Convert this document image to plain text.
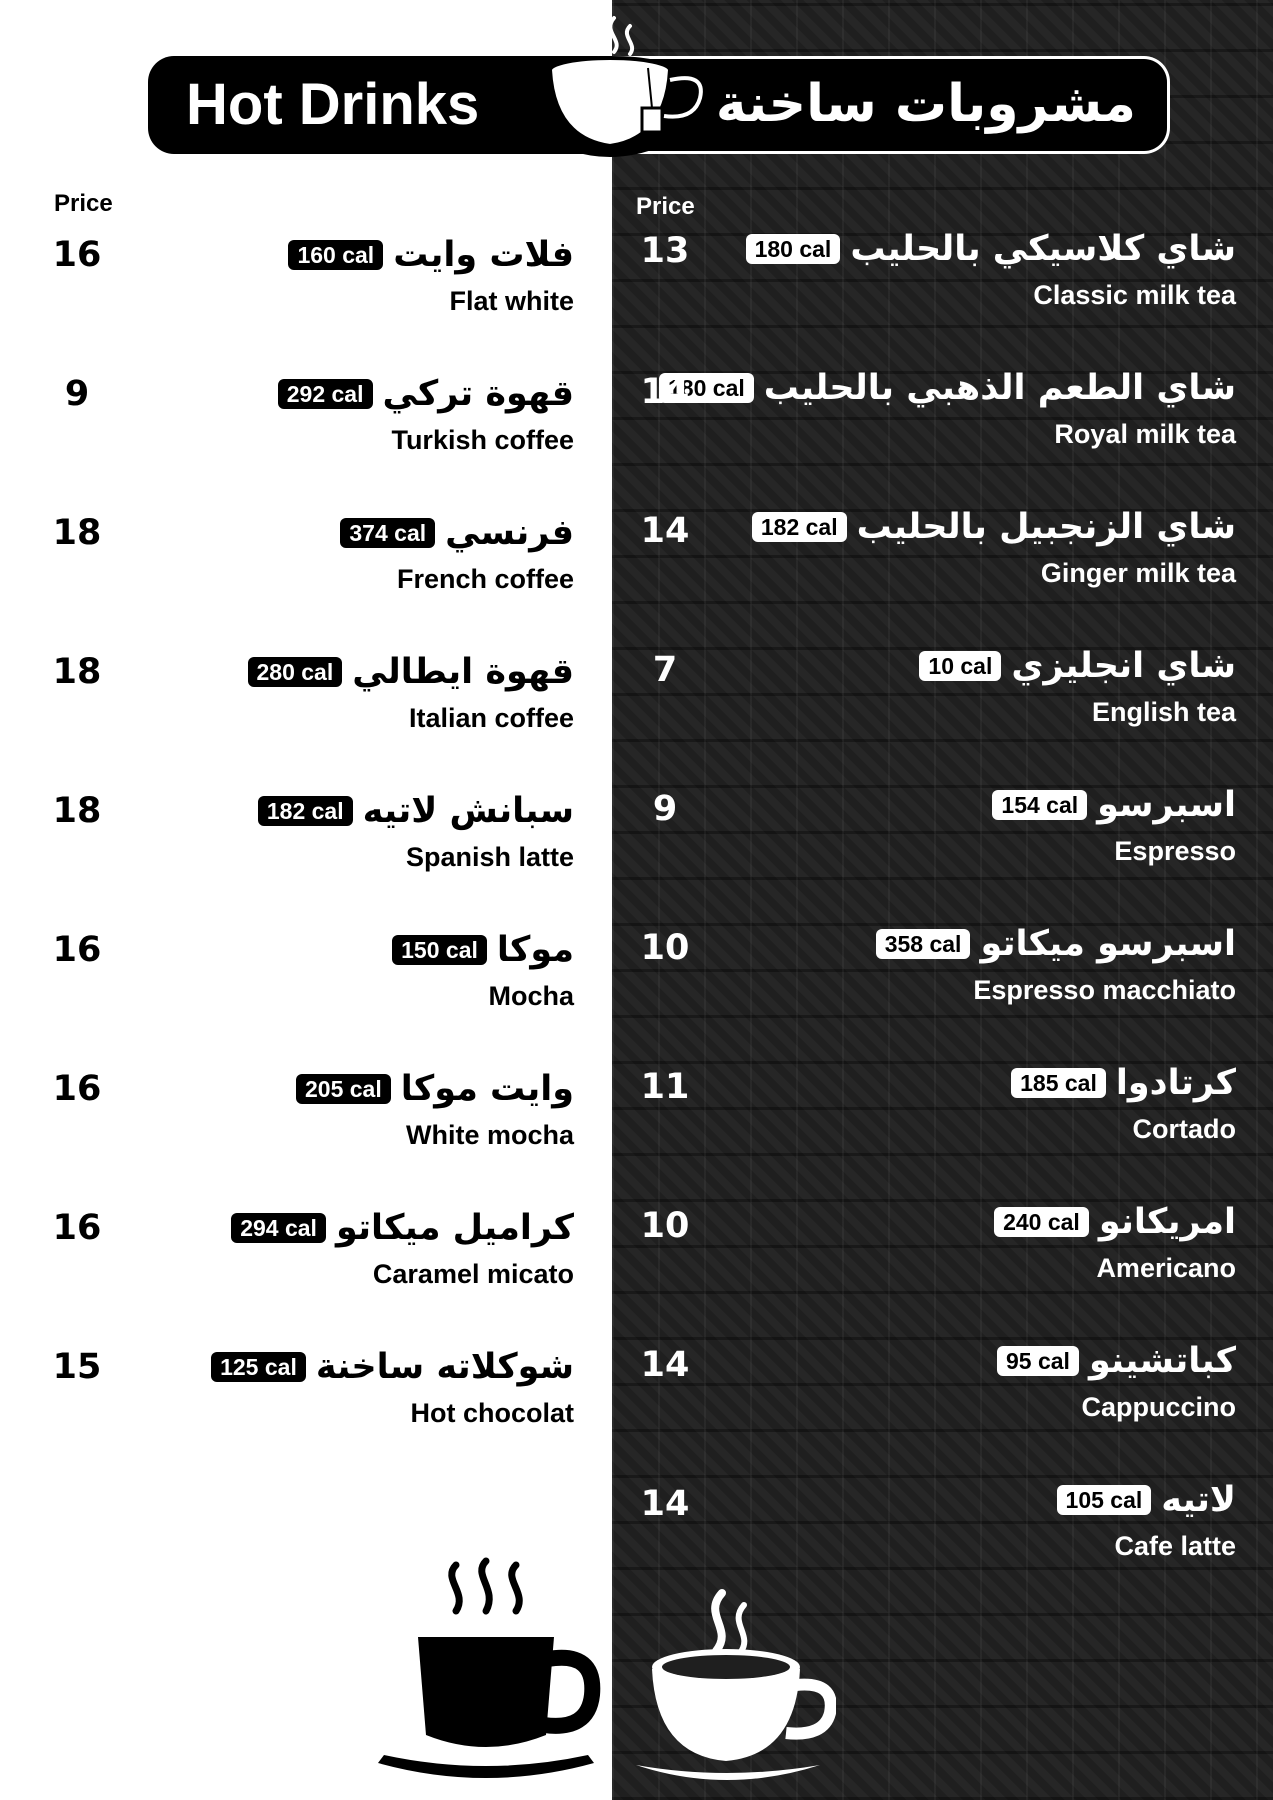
Hot Drinks	مشروبات ساخنة
Price	Price
فلات وايت
160 cal
Flat white
16
قهوة تركي
292 cal
Turkish coffee
9
فرنسي
374 cal
French coffee
18
قهوة ايطالي
280 cal
Italian coffee
18
سبانش لاتيه
182 cal
Spanish latte
18
موكا
150 cal
Mocha
16
وايت موكا
205 cal
White mocha
16
كراميل ميكاتو
294 cal
Caramel micato
16
شوكلاته ساخنة
125 cal
Hot chocolat
15
شاي كلاسيكي بالحليب
180 cal
Classic milk tea
13
شاي الطعم الذهبي بالحليب
180 cal
Royal milk tea
14
شاي الزنجبيل بالحليب
182 cal
Ginger milk tea
14
شاي انجليزي
10 cal
English tea
7
اسبرسو
154 cal
Espresso
9
اسبرسو ميكاتو
358 cal
Espresso macchiato
10
كرتادوا
185 cal
Cortado
11
امريكانو
240 cal
Americano
10
كباتشينو
95 cal
Cappuccino
14
لاتيه
105 cal
Cafe latte
14
